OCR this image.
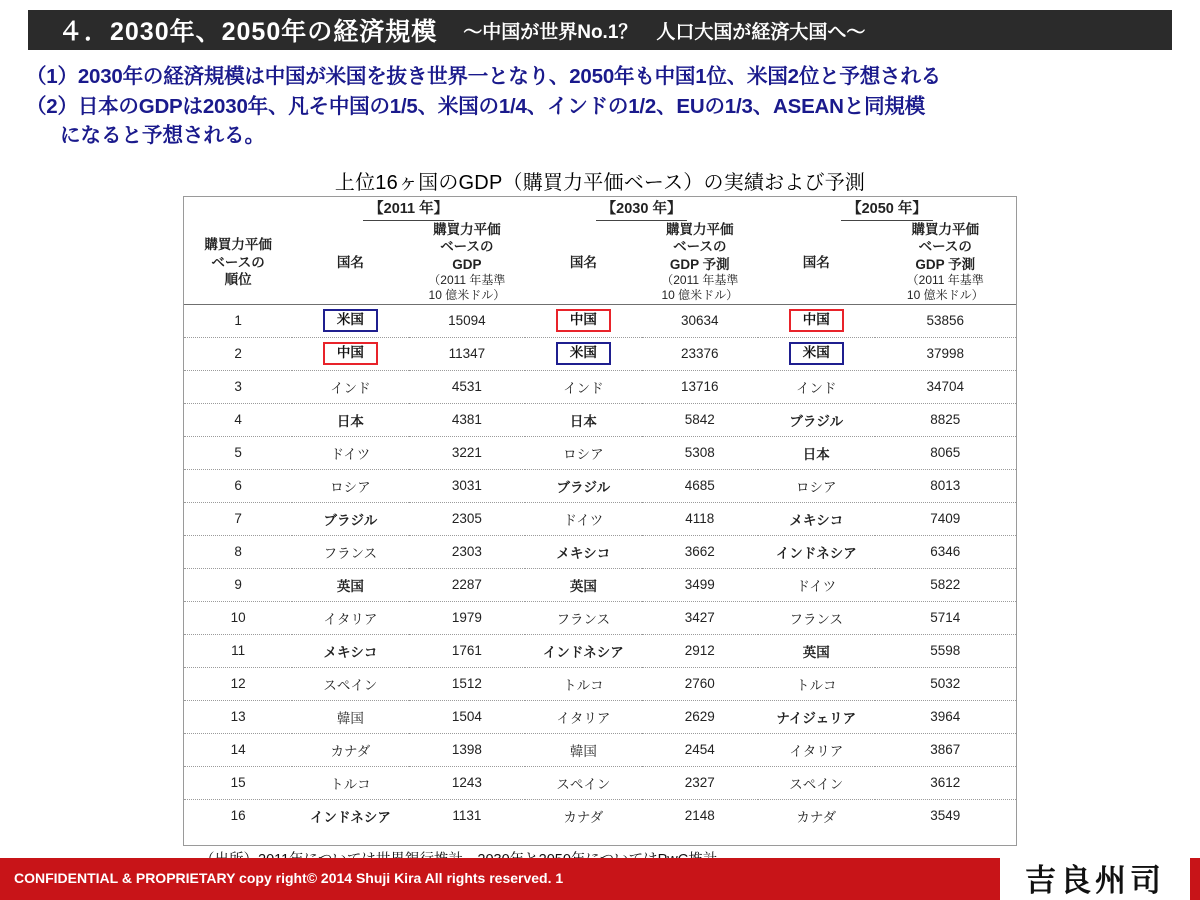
４．2030年、2050年の経済規模 〜中国が世界No.1？　人口大国が経済大国へ〜
（1） 2030年の経済規模は中国が米国を抜き世界一となり、2050年も中国1位、米国2位と予想される
（2） 日本のGDPは2030年、凡そ中国の1/5、米国の1/4、インドの1/2、EUの1/3、ASEANと同規模
になると予想される。
上位16ヶ国のGDP（購買力平価ベース）の実績および予測
	【2011 年】		【2030 年】		【2050 年】	

購買力平価
ベースの
順位
	国名	
購買力平価
ベースの
GDP
（2011 年基準
10 億米ドル）
	国名	
購買力平価
ベースの
GDP 予測
（2011 年基準
10 億米ドル）
	国名	
購買力平価
ベースの
GDP 予測
（2011 年基準
10 億米ドル）

1	米国	15094	中国	30634	中国	53856
2	中国	11347	米国	23376	米国	37998
3	インド	4531	インド	13716	インド	34704
4	日本	4381	日本	5842	ブラジル	8825
5	ドイツ	3221	ロシア	5308	日本	8065
6	ロシア	3031	ブラジル	4685	ロシア	8013
7	ブラジル	2305	ドイツ	4118	メキシコ	7409
8	フランス	2303	メキシコ	3662	インドネシア	6346
9	英国	2287	英国	3499	ドイツ	5822
10	イタリア	1979	フランス	3427	フランス	5714
11	メキシコ	1761	インドネシア	2912	英国	5598
12	スペイン	1512	トルコ	2760	トルコ	5032
13	韓国	1504	イタリア	2629	ナイジェリア	3964
14	カナダ	1398	韓国	2454	イタリア	3867
15	トルコ	1243	スペイン	2327	スペイン	3612
16	インドネシア	1131	カナダ	2148	カナダ	3549
CONFIDENTIAL & PROPRIETARY copy right© 2014 Shuji Kira All rights reserved. 1	吉良州司
